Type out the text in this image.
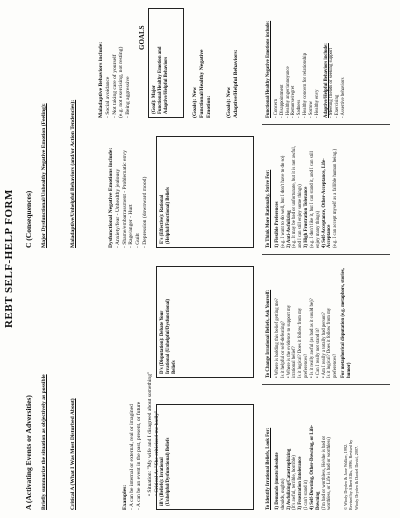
REBT SELF-HELP FORM
A (Activating Events or Adversities) Briefly summarize the situation as objectively as possible	Critical A (What I Was Most Disturbed About)	Examples: - A can be internal or external, real or imagined - A can be an event in the past, present, or future • Situation: "My wife and I disagreed about something" • Critical A: "She criticized me badly"
C (Consequences) Major Dysfunctional/Unhealthy Negative Emotion (Feeling):	Maladaptive/Unhelpful Behaviors (and/or Action Tendencies):	Dysfunctional Negative Emotions include: - Anxiety/fear - Unhealthy jealousy - Shame/embarrassment - Problematic envy - Rage/anger - Hurt - Guilt - Depression (downward mood)
Maladaptive Behaviors include: - Social avoidance - Not taking care of yourself (e.g. not exercising, not resting) - Being aggressive
GOALS
iB's (Beliefs): Irrational (Unhelpful/Dysfunctional) Beliefs
D's (Disputation): Debate Your Irrational (Unhelpful/Dysfunctional) Beliefs
E's (Effective): Rational (Helpful/Functional) Beliefs
(Goal): Major Functional/Healthy Emotion and Adaptive/Helpful Behaviors	(Goals): New Functional/Healthy Negative Emotion:	(Goals): New Adaptive/Helpful Behaviors:
To Identify Irrational Beliefs, Look For: 1) Demands (musts/absolute shoulds, oughts) 2) Awfulizing/Catastrophizing (It's awful, terrible, horrible) 3) Frustration Intolerance (I can't stand it) 4) Self-Downing, Other-Downing, or Life- Downing (I'm bad or worthless, He/she is bad or worthless, or Life is bad or worthless)	© Windy Dryden & Jane Walker, 1992. Revised by Albert Ellis, 1996. Revised by Windy Dryden & Daniel David, 2007.
To Change Irrational Beliefs, Ask Yourself: • Where is holding this belief getting me? Is it helpful or self-defeating? • Where is the evidence to support my irrational belief? Is it logical? Does it follow from my preferences? • Is it really awful (as bad as it could be)? • Can I really not stand it? • Am I really a totally bad person? Is it logical? Does it follow from my preferences? For metaphorical disputation (e.g. metaphors, stories, humor)
To Think More Rationally, Strive For: 1) Flexible Preferences (e.g. I want to do well, but I don't have to do so) 2) Anti-Awfulizing (e.g. It may be bad or unfortunate, but it is not awful, and I can still enjoy some things) 3) High Frustration Tolerance (e.g. I don't like it, but I can stand it, and I can still enjoy many things) 4) Self-Acceptance, Other-Acceptance, Life- Acceptance (e.g. I can accept myself as a fallible human being.)
Functional/Healthy Negative Emotions include: - Concern - Disappointment - Healthy anger/annoyance - Remorse/regret - Sadness - Healthy concern for relationship - Sorrow - Healthy envy Adaptive/Helpful Behaviors include: - Meeting friends or seeking support - Exercising - Assertive behaviors
